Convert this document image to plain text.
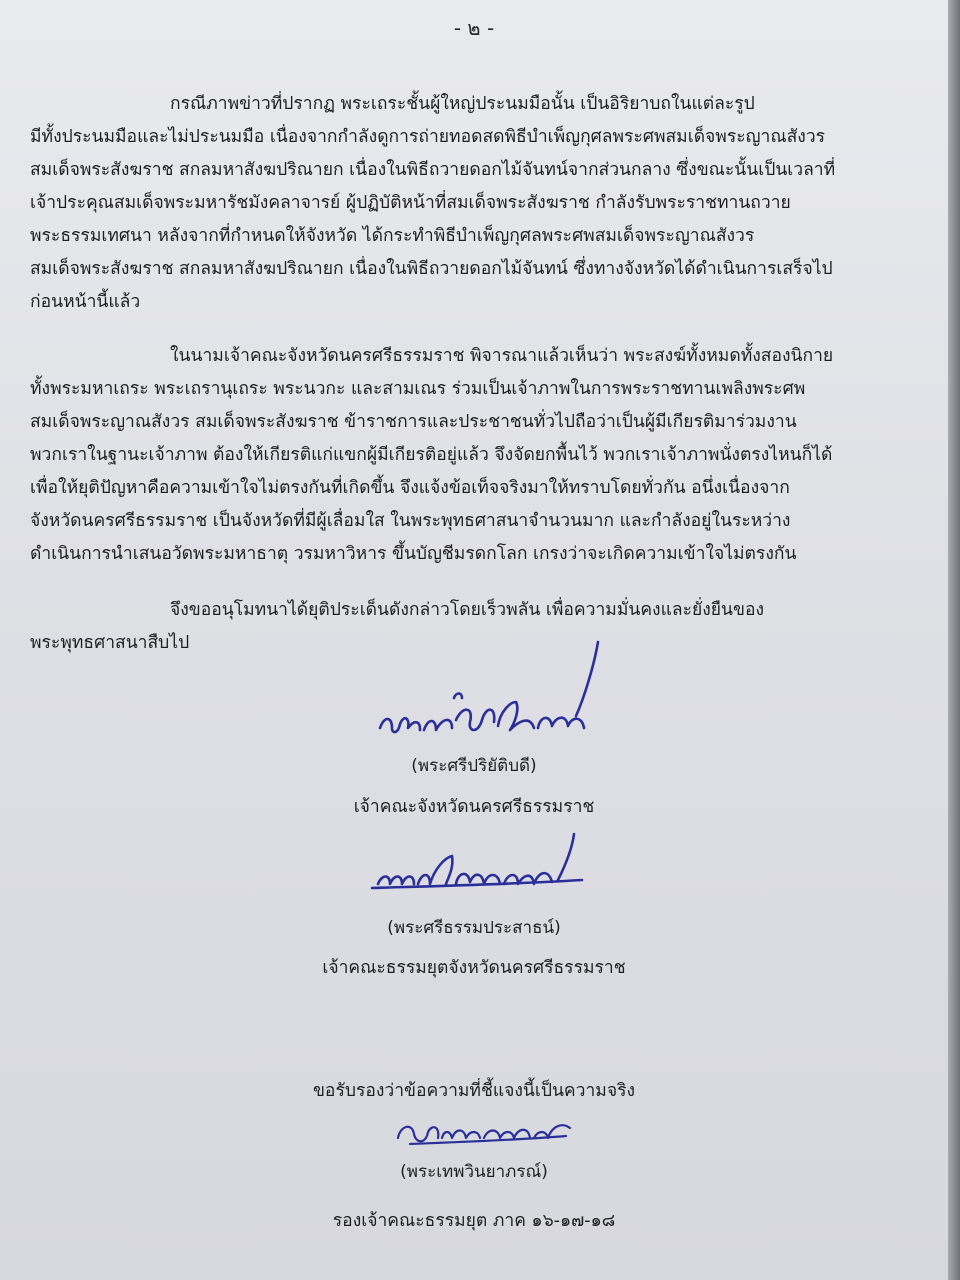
- ๒ -

กรณีภาพข่าวที่ปรากฏ พระเถระชั้นผู้ใหญ่ประนมมือนั้น เป็นอิริยาบถในแต่ละรูป
มีทั้งประนมมือและไม่ประนมมือ เนื่องจากกำลังดูการถ่ายทอดสดพิธีบำเพ็ญกุศลพระศพสมเด็จพระญาณสังวร
สมเด็จพระสังฆราช สกลมหาสังฆปริณายก เนื่องในพิธีถวายดอกไม้จันทน์จากส่วนกลาง ซึ่งขณะนั้นเป็นเวลาที่
เจ้าประคุณสมเด็จพระมหารัชมังคลาจารย์ ผู้ปฏิบัติหน้าที่สมเด็จพระสังฆราช กำลังรับพระราชทานถวาย
พระธรรมเทศนา หลังจากที่กำหนดให้จังหวัด ได้กระทำพิธีบำเพ็ญกุศลพระศพสมเด็จพระญาณสังวร
สมเด็จพระสังฆราช สกลมหาสังฆปริณายก เนื่องในพิธีถวายดอกไม้จันทน์ ซึ่งทางจังหวัดได้ดำเนินการเสร็จไป
ก่อนหน้านี้แล้ว

ในนามเจ้าคณะจังหวัดนครศรีธรรมราช พิจารณาแล้วเห็นว่า พระสงฆ์ทั้งหมดทั้งสองนิกาย
ทั้งพระมหาเถระ พระเถรานุเถระ พระนวกะ และสามเณร ร่วมเป็นเจ้าภาพในการพระราชทานเพลิงพระศพ
สมเด็จพระญาณสังวร สมเด็จพระสังฆราช ข้าราชการและประชาชนทั่วไปถือว่าเป็นผู้มีเกียรติมาร่วมงาน
พวกเราในฐานะเจ้าภาพ ต้องให้เกียรติแก่แขกผู้มีเกียรติอยู่แล้ว จึงจัดยกพื้นไว้ พวกเราเจ้าภาพนั่งตรงไหนก็ได้
เพื่อให้ยุติปัญหาคือความเข้าใจไม่ตรงกันที่เกิดขึ้น จึงแจ้งข้อเท็จจริงมาให้ทราบโดยทั่วกัน อนึ่งเนื่องจาก
จังหวัดนครศรีธรรมราช เป็นจังหวัดที่มีผู้เลื่อมใส ในพระพุทธศาสนาจำนวนมาก และกำลังอยู่ในระหว่าง
ดำเนินการนำเสนอวัดพระมหาธาตุ วรมหาวิหาร ขึ้นบัญชีมรดกโลก เกรงว่าจะเกิดความเข้าใจไม่ตรงกัน

จึงขออนุโมทนาได้ยุติประเด็นดังกล่าวโดยเร็วพลัน เพื่อความมั่นคงและยั่งยืนของ
พระพุทธศาสนาสืบไป

(พระศรีปริยัติบดี)
เจ้าคณะจังหวัดนครศรีธรรมราช
(พระศรีธรรมประสาธน์)
เจ้าคณะธรรมยุตจังหวัดนครศรีธรรมราช
ขอรับรองว่าข้อความที่ชี้แจงนี้เป็นความจริง
(พระเทพวินยาภรณ์)
รองเจ้าคณะธรรมยุต ภาค ๑๖-๑๗-๑๘
